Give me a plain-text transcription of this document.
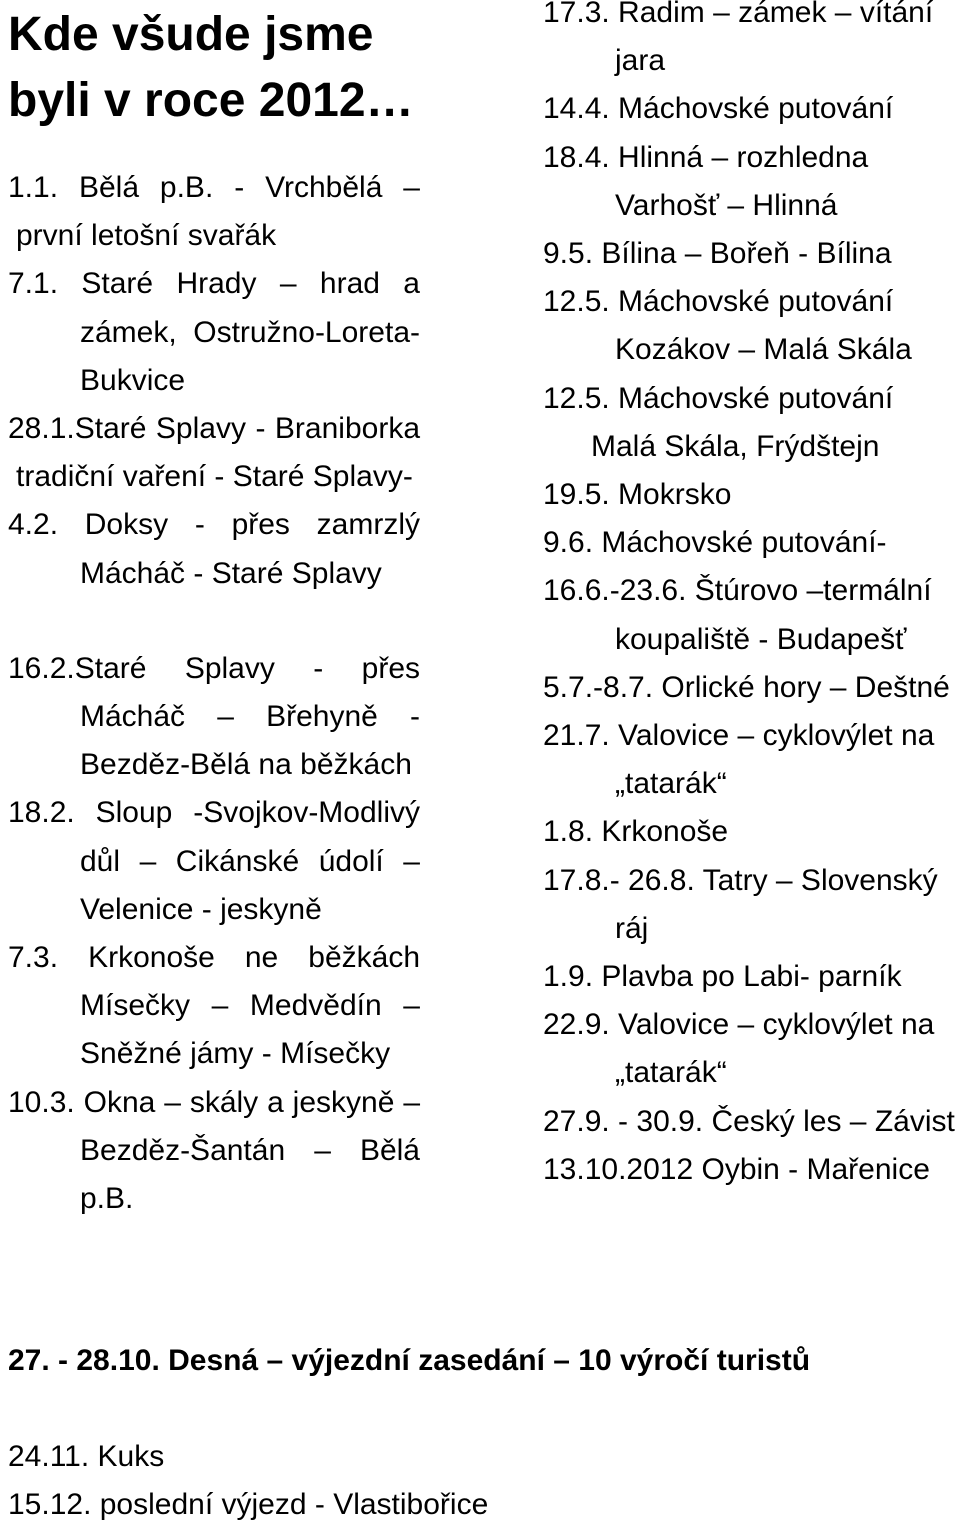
Kde všude jsme byli v roce 2012…

1.1. Bělá p.B. - Vrchbělá – první letošní svařák

7.1. Staré Hrady – hrad a zámek, Ostružno-Loreta-Bukvice

28.1.Staré Splavy - Braniborka tradiční vaření - Staré Splavy-

4.2. Doksy - přes zamrzlý Mácháč - Staré Splavy

16.2.Staré Splavy - přes Mácháč – Břehyně - Bezděz-Bělá na běžkách

18.2. Sloup -Svojkov-Modlivý důl – Cikánské údolí – Velenice - jeskyně

7.3. Krkonoše ne běžkách Mísečky – Medvědín – Sněžné jámy - Mísečky

10.3. Okna – skály a jeskyně – Bezděz-Šantán – Bělá p.B.

17.3. Radim – zámek – vítání jara

14.4. Máchovské putování

18.4. Hlinná – rozhledna Varhošť – Hlinná

9.5. Bílina – Bořeň - Bílina

12.5. Máchovské putování Kozákov – Malá Skála

12.5. Máchovské putování Malá Skála, Frýdštejn

19.5. Mokrsko

9.6. Máchovské putování-

16.6.-23.6. Štúrovo –termální koupaliště - Budapešť

5.7.-8.7. Orlické hory – Deštné

21.7. Valovice – cyklovýlet na „tatarák“

1.8. Krkonoše

17.8.- 26.8. Tatry – Slovenský ráj

1.9. Plavba po Labi- parník

22.9. Valovice – cyklovýlet na „tatarák“

27.9. - 30.9. Český les – Závist

13.10.2012 Oybin - Mařenice

27. - 28.10. Desná – výjezdní zasedání – 10 výročí turistů

24.11. Kuks

15.12. poslední výjezd - Vlastibořice
